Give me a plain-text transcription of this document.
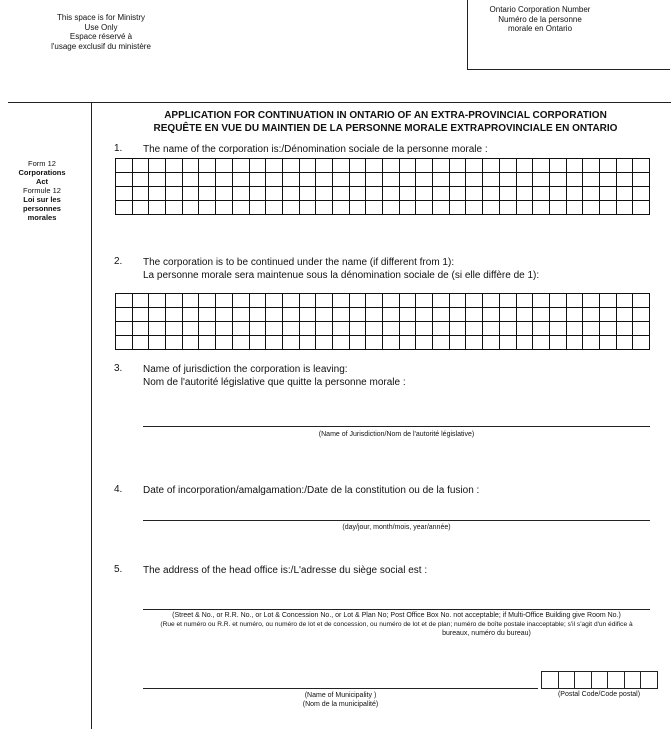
This space is for Ministry
Use Only
Espace réservé à
l'usage exclusif du ministère
Ontario Corporation Number
Numéro de la personne
morale en Ontario
Form 12
Corporations
Act
Formule 12
Loi sur les
personnes
morales
APPLICATION FOR CONTINUATION IN ONTARIO OF AN EXTRA-PROVINCIAL CORPORATION
REQUÊTE EN VUE DU MAINTIEN DE LA PERSONNE MORALE EXTRAPROVINCIALE EN ONTARIO
1. The name of the corporation is:/Dénomination sociale de la personne morale :
2. The corporation is to be continued under the name (if different from 1):
La personne morale sera maintenue sous la dénomination sociale de (si elle diffère de 1):
3. Name of jurisdiction the corporation is leaving:
Nom de l'autorité législative que quitte la personne morale :
(Name of Jurisdiction/Nom de l'autorité législative)
4. Date of incorporation/amalgamation:/Date de la constitution ou de la fusion :
(day/jour, month/mois, year/année)
5. The address of the head office is:/L'adresse du siège social est :
(Street & No., or R.R. No., or Lot & Concession No., or Lot & Plan No; Post Office Box No. not acceptable; if Multi-Office Building give Room No.)
(Rue et numéro ou R.R. et numéro, ou numéro de lot et de concession, ou numéro de lot et de plan; numéro de boîte postale inacceptable; s'il s'agit d'un édifice à
bureaux, numéro du bureau)
(Name of Municipality )
(Nom de la municipalité)
(Postal Code/Code postal)
